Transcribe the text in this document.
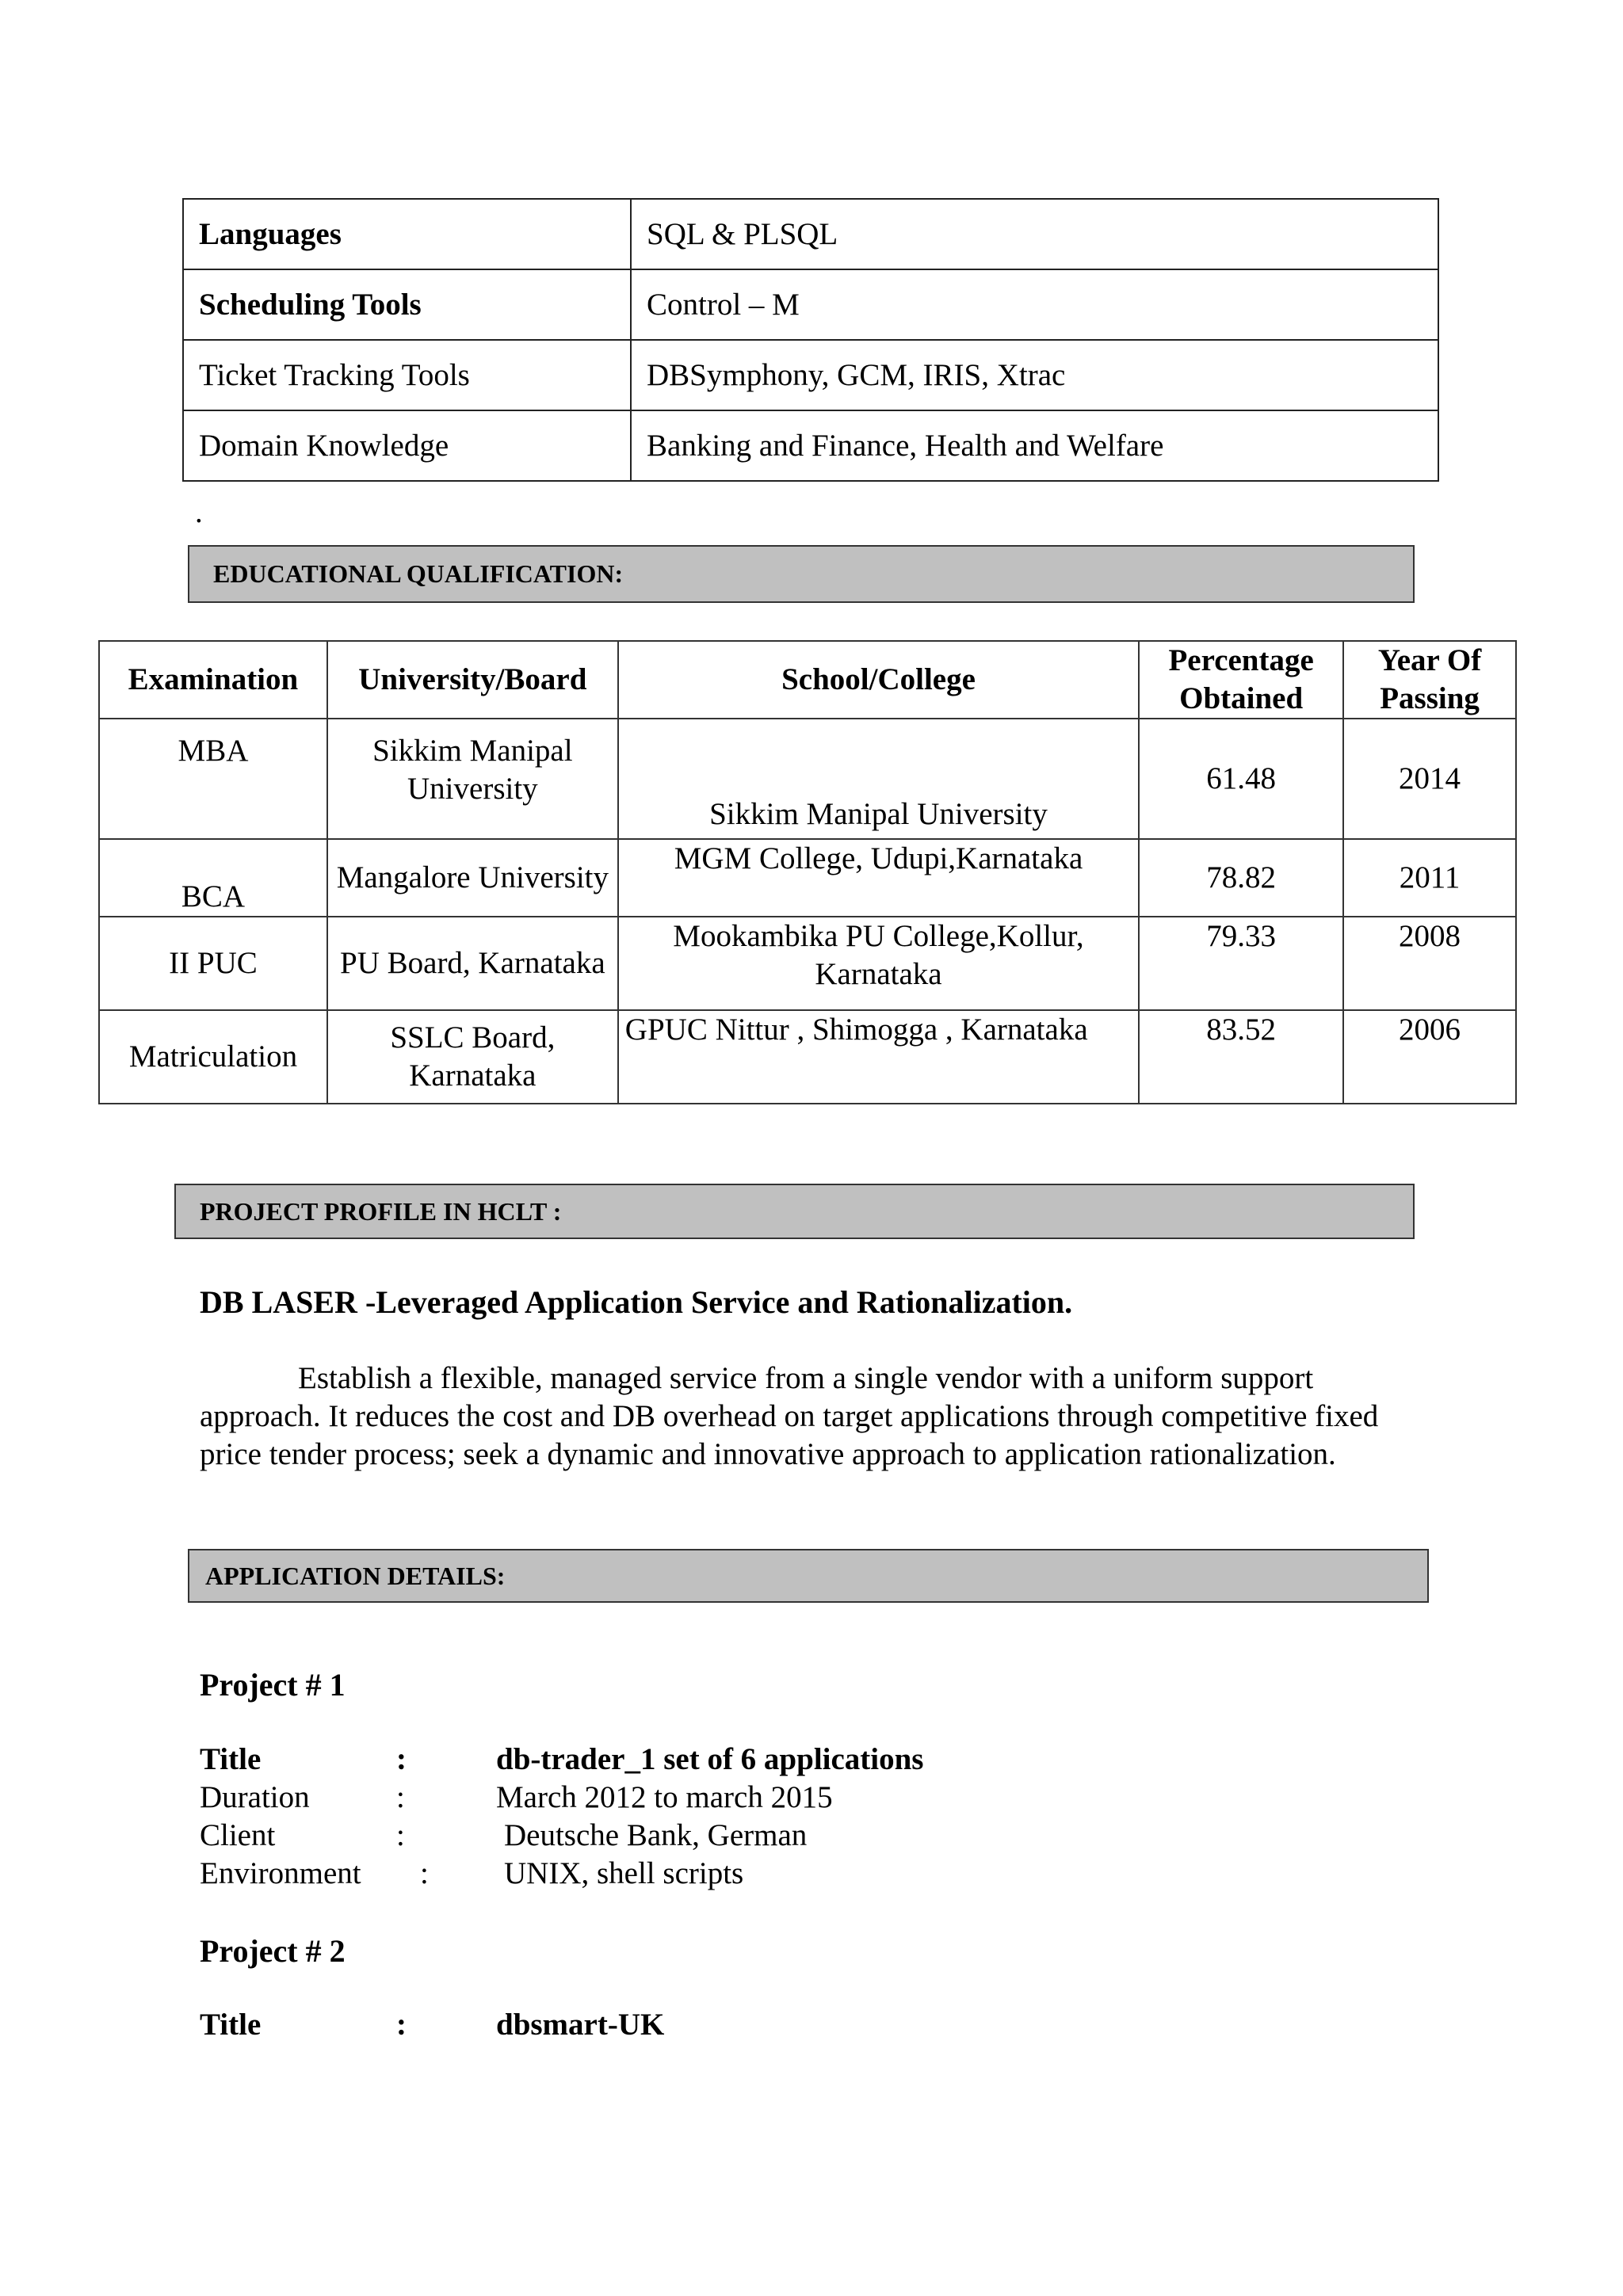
Languages	SQL & PLSQL
Scheduling Tools	Control – M
Ticket Tracking Tools	DBSymphony, GCM, IRIS, Xtrac
Domain Knowledge	Banking and Finance, Health and Welfare
.
EDUCATIONAL QUALIFICATION:
Examination	University/Board	School/College	Percentage Obtained	Year Of Passing
MBA	Sikkim Manipal University	Sikkim Manipal University	61.48	2014
BCA	Mangalore University	MGM College, Udupi,Karnataka	78.82	2011
II PUC	PU Board, Karnataka	Mookambika PU College,Kollur, Karnataka	79.33	2008
Matriculation	SSLC Board, Karnataka	GPUC Nittur , Shimogga , Karnataka	83.52	2006
PROJECT PROFILE IN HCLT :
DB LASER -Leveraged Application Service and Rationalization.
Establish a flexible, managed service from a single vendor with a uniform support approach. It reduces the cost and DB overhead on target applications through competitive fixed price tender process; seek a dynamic and innovative approach to application rationalization.
APPLICATION DETAILS:
Project # 1
Title	:	db-trader_1 set of 6 applications
Duration	:	March 2012 to march 2015
Client	:	Deutsche Bank, German
Environment : UNIX, shell scripts
Project # 2
Title	:	dbsmart-UK
